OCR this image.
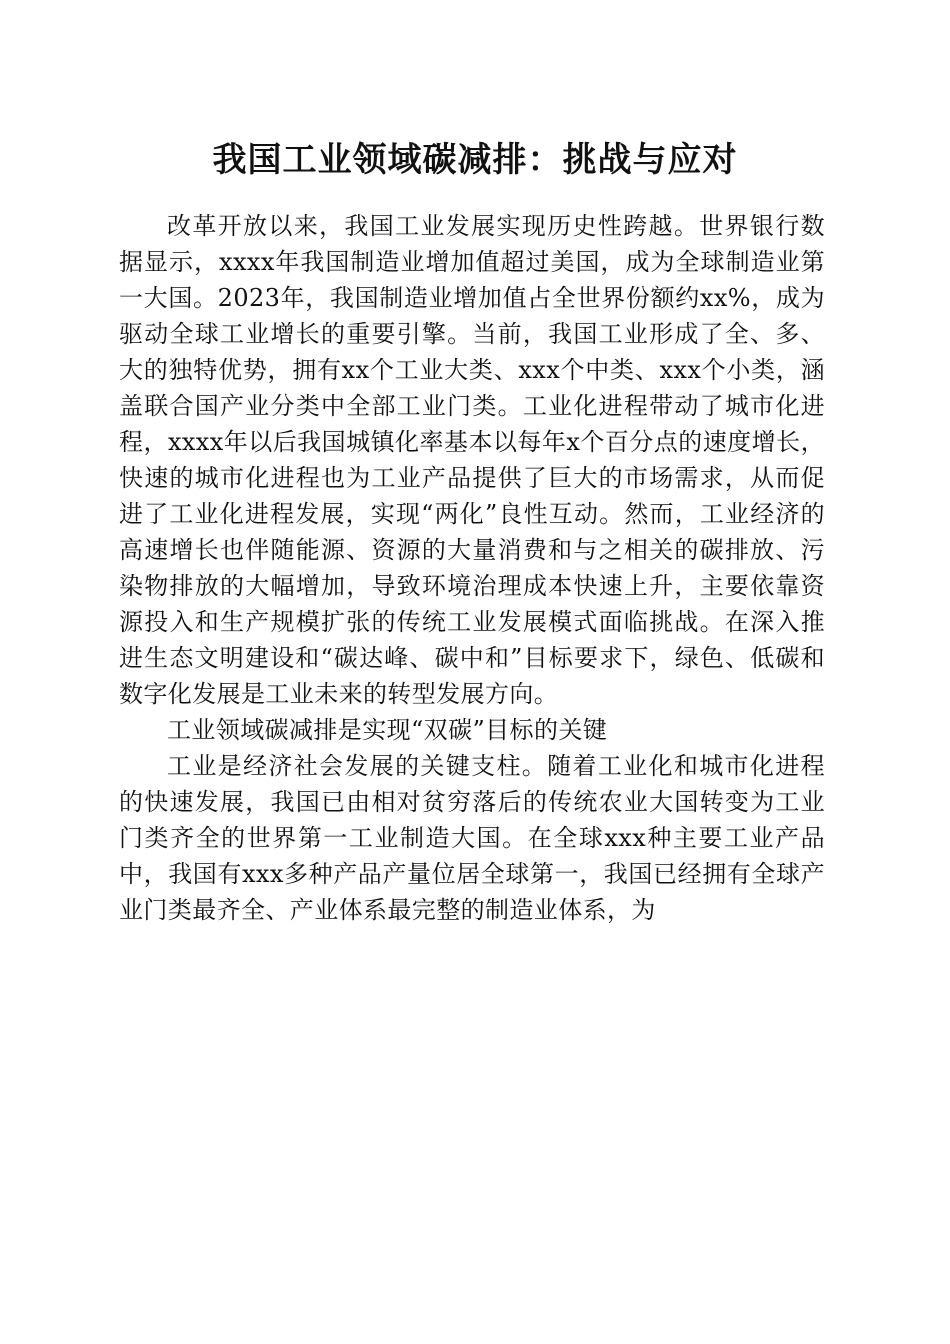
我国工业领域碳减排：挑战与应对

改革开放以来，我国工业发展实现历史性跨越。世界银行数据显示，xxxx年我国制造业增加值超过美国，成为全球制造业第一大国。2023年，我国制造业增加值占全世界份额约xx%，成为驱动全球工业增长的重要引擎。当前，我国工业形成了全、多、大的独特优势，拥有xx个工业大类、xxx个中类、xxx个小类，涵盖联合国产业分类中全部工业门类。工业化进程带动了城市化进程，xxxx年以后我国城镇化率基本以每年x个百分点的速度增长，快速的城市化进程也为工业产品提供了巨大的市场需求，从而促进了工业化进程发展，实现“两化”良性互动。然而，工业经济的高速增长也伴随能源、资源的大量消费和与之相关的碳排放、污染物排放的大幅增加，导致环境治理成本快速上升，主要依靠资源投入和生产规模扩张的传统工业发展模式面临挑战。在深入推进生态文明建设和“碳达峰、碳中和”目标要求下，绿色、低碳和数字化发展是工业未来的转型发展方向。

工业领域碳减排是实现“双碳”目标的关键

工业是经济社会发展的关键支柱。随着工业化和城市化进程的快速发展，我国已由相对贫穷落后的传统农业大国转变为工业门类齐全的世界第一工业制造大国。在全球xxx种主要工业产品中，我国有xxx多种产品产量位居全球第一，我国已经拥有全球产业门类最齐全、产业体系最完整的制造业体系，为
